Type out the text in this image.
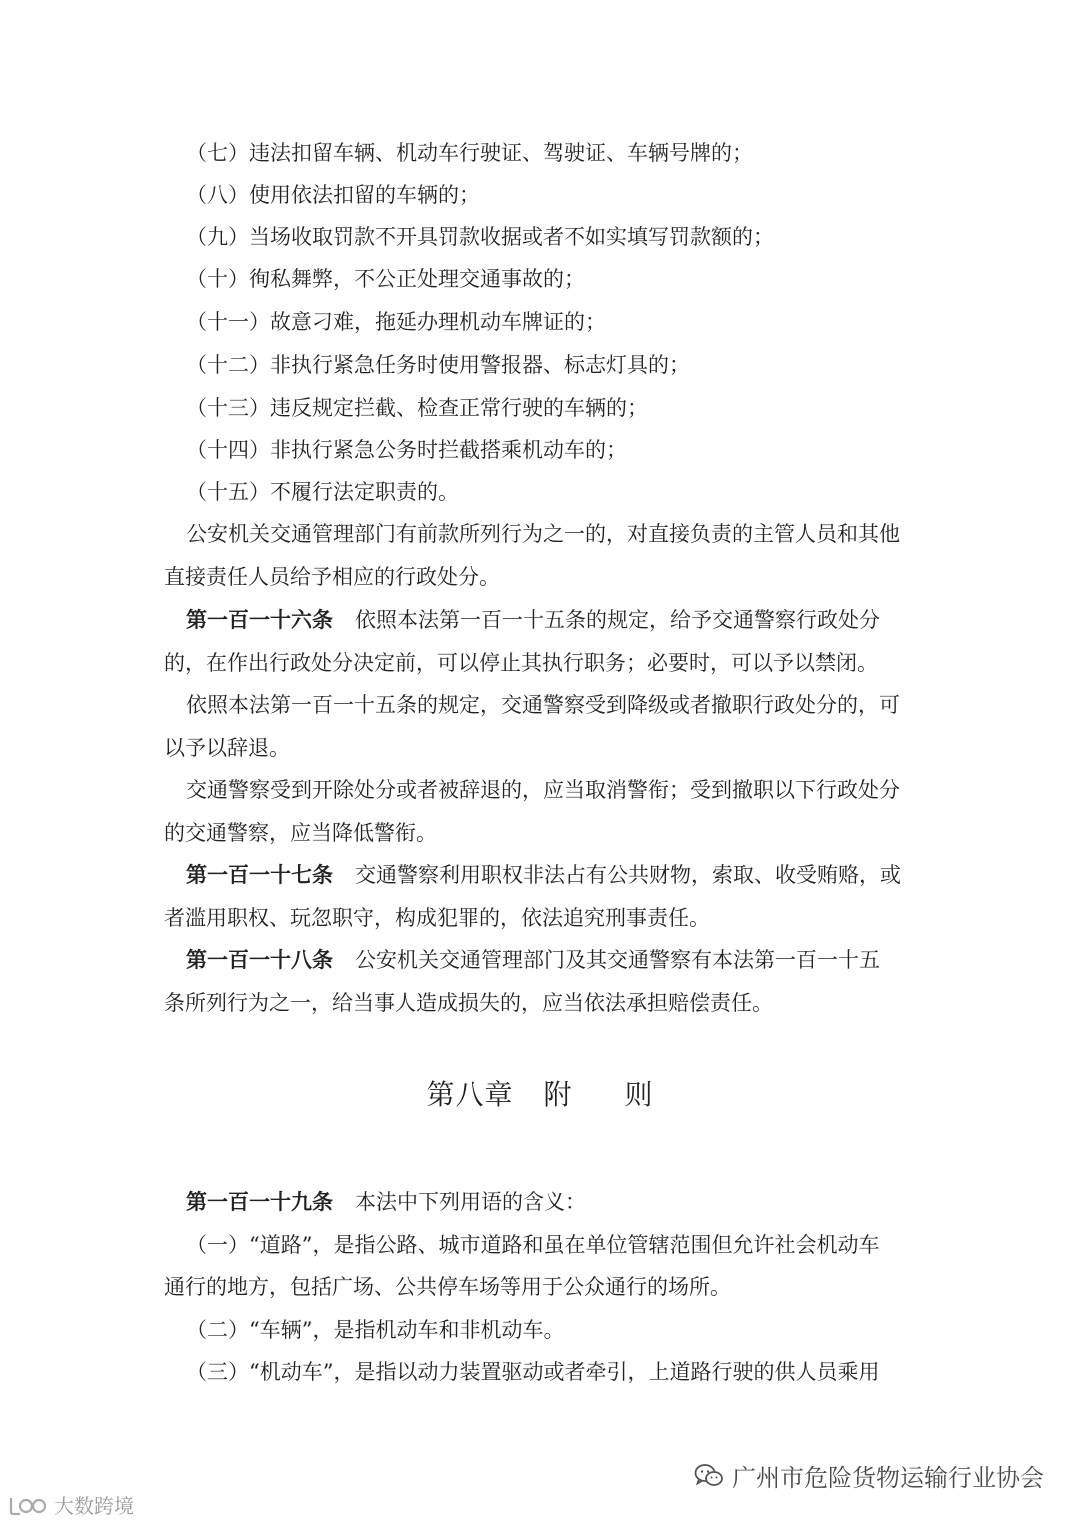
（七）违法扣留车辆、机动车行驶证、驾驶证、车辆号牌的；
（八）使用依法扣留的车辆的；
（九）当场收取罚款不开具罚款收据或者不如实填写罚款额的；
（十）徇私舞弊，不公正处理交通事故的；
（十一）故意刁难，拖延办理机动车牌证的；
（十二）非执行紧急任务时使用警报器、标志灯具的；
（十三）违反规定拦截、检查正常行驶的车辆的；
（十四）非执行紧急公务时拦截搭乘机动车的；
（十五）不履行法定职责的。
公安机关交通管理部门有前款所列行为之一的，对直接负责的主管人员和其他
直接责任人员给予相应的行政处分。
第一百一十六条 依照本法第一百一十五条的规定，给予交通警察行政处分
的，在作出行政处分决定前，可以停止其执行职务；必要时，可以予以禁闭。
依照本法第一百一十五条的规定，交通警察受到降级或者撤职行政处分的，可
以予以辞退。
交通警察受到开除处分或者被辞退的，应当取消警衔；受到撤职以下行政处分
的交通警察，应当降低警衔。
第一百一十七条 交通警察利用职权非法占有公共财物，索取、收受贿赂，或
者滥用职权、玩忽职守，构成犯罪的，依法追究刑事责任。
第一百一十八条 公安机关交通管理部门及其交通警察有本法第一百一十五
条所列行为之一，给当事人造成损失的，应当依法承担赔偿责任。
第八章 附 则
第一百一十九条 本法中下列用语的含义：
（一）“道路”，是指公路、城市道路和虽在单位管辖范围但允许社会机动车
通行的地方，包括广场、公共停车场等用于公众通行的场所。
（二）“车辆”，是指机动车和非机动车。
（三）“机动车”，是指以动力装置驱动或者牵引，上道路行驶的供人员乘用
广州市危险货物运输行业协会
大数跨境
